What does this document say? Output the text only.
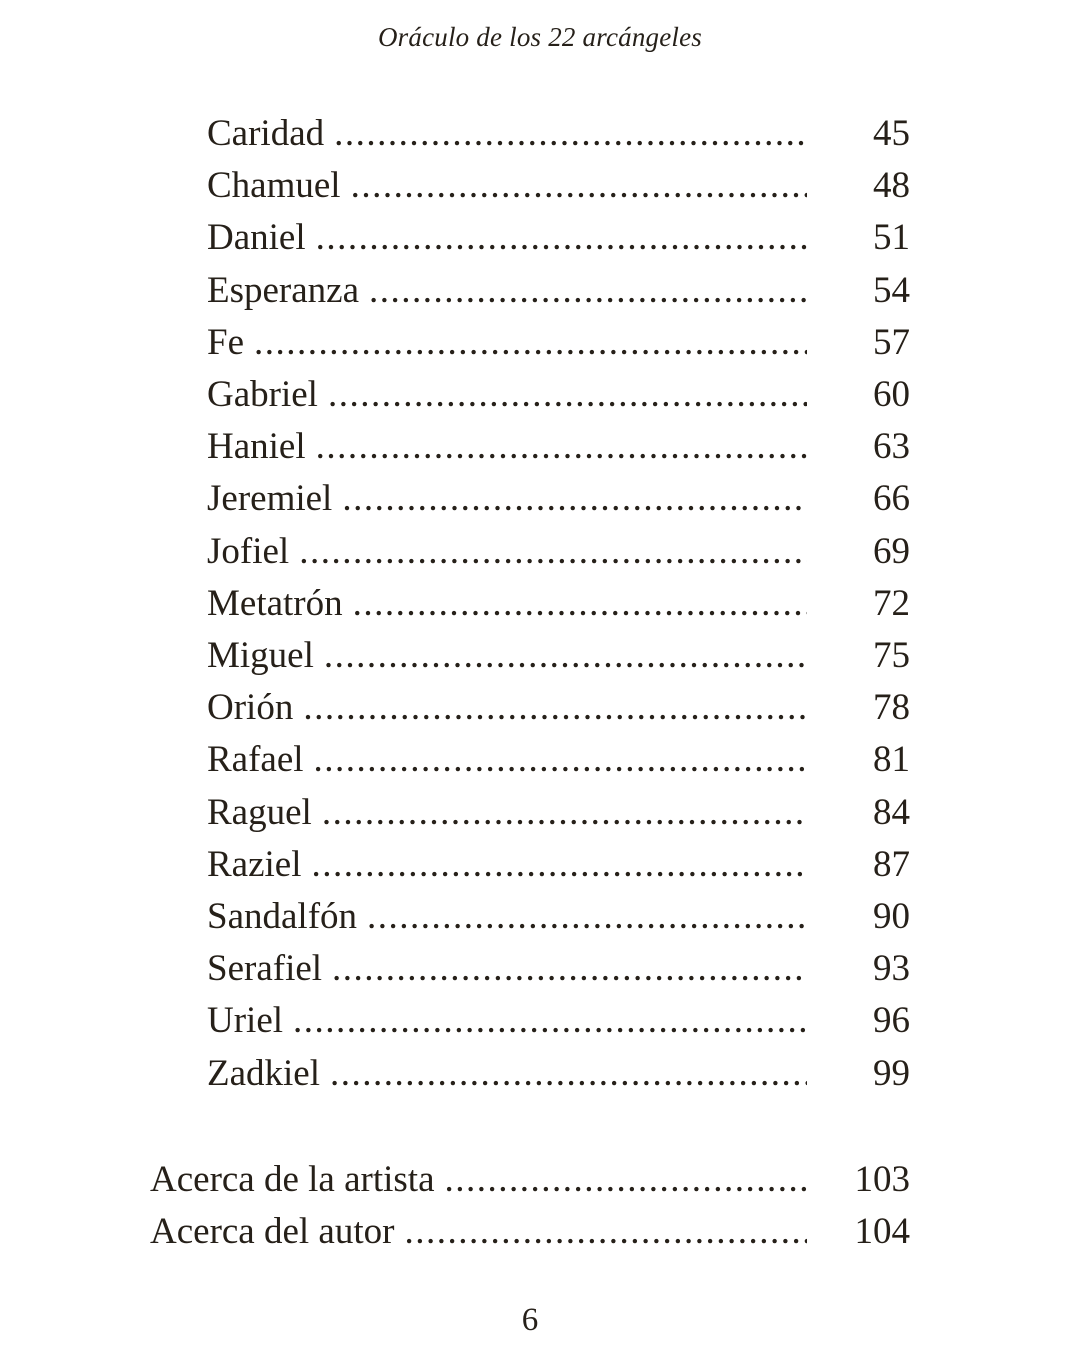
Oráculo de los 22 arcángeles
Caridad .....	45
Chamuel .....	48
Daniel .....	51
Esperanza .....	54
Fe .....	57
Gabriel .....	60
Haniel .....	63
Jeremiel .....	66
Jofiel .....	69
Metatrón .....	72
Miguel .....	75
Orión .....	78
Rafael .....	81
Raguel .....	84
Raziel .....	87
Sandalfón .....	90
Serafiel .....	93
Uriel .....	96
Zadkiel .....	99
Acerca de la artista .....	103
Acerca del autor .....	104
6
